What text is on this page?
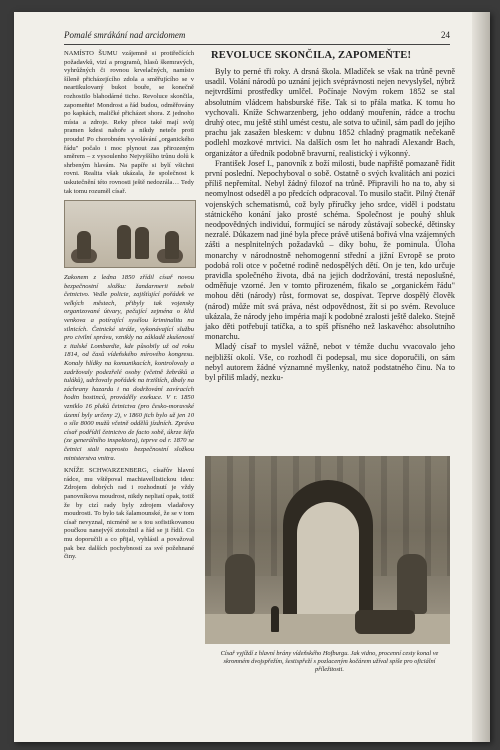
Pomalé smrákání nad arcidomem	24

NAMÍSTO ŠUMU vzájemně si protiřečících požadavků, vizí a programů, hlasů škemravých, vyhrůžných či rovnou krvelačných, namísto šíleně přicházejícího zdola a směřujícího se v neartikulovaný bukot bouře, se konečně rozhostilo blahodárné ticho. Revoluce skončila, zapomeňte! Mondrost a řád budou, odměřovány po kapkách, maličké přicházet shora. Z jednoho místa a zdroje. Reky přece také mají svůj pramen kdesi nahoře a nikdy neteče proti proudu! Po chorobném vyvolávání „organického řádu" počalo i moc plynout zas přirozeným směrem – z vysoulenho Nejvyššího trůnu dolů k shrbeným hlavám. Na papíře si bylí všichni rovni. Realita však ukázala, že společnost k uskutečnění této rovnosti ještě nedozrála… Tedy tak tomu rozuměl císař.

Zakonem z ledna 1850 zřídil císař novou bezpečnostní složku: žandarmerii neboli četnictvo. Vedle policie, zajišťující pořádek ve velkých městech, přibyly tak vojensky organizované útvary, pečující zejména o klid venkova a potírající sysélou kriminalitu na silnicích. Četnické stráže, vykonávající službu pro civilní správu, vznikly na základě zkušeností z italské Lombardie, kde působily už od roku 1814, od časů vídeňského mírového kongresu. Konaly hlídky na komunikacích, kontrolovaly a zadržovaly podezřelé osoby (včetně žebráků a tuláků), udržovaly pořádek na trzištích, dbaly na záchrany hazardu i na dodržování zavíracích hodin hostinců, prováděly exekuce. V r. 1850 vzniklo 16 pluků četnictva (pro česko-moravské území byly určeny 2), v 1860 jich bylo už jen 10 o síle 8000 mužů včetně oddělů jízdních. Zpráva císař podřídil četnictvo de facto sobě, úkrze šéfa (ze generálního inspektora), teprve od r. 1870 se četnici stali naprosto bezpečnostní složkou ministerstva vnitra.

KNÍŽE SCHWARZENBERG, císařův hlavní rádce, mu vštěpoval machiavellistickou ideu: Zdrojem dobrých rad i rozhodnutí je vždy panovníkova moudrost, nikdy nepliatí opak, totiž že by cizí rady byly zdrojem vladařovy moudrosti. To bylo tak šalamounské, že se v tom císař nevyznal, nicméně se s tou sofistikovanou poučkou nanejvýš ztotožnil a řád se ji řídil. Co mu doporučili a co přijal, vyhlásil a považoval pak bez dalších pochybností za své požehnané činy.

REVOLUCE SKONČILA, ZAPOMEŇTE!

Byly to perné tři roky. A drsná škola. Mladíček se však na trůně pevně usadil. Volání národů po uznání jejich svéprávnosti nejen nevyslyšel, nýbrž nejtvrdšími prostředky umlčel. Počínaje Novým rokem 1852 se stal absolutním vládcem habsburské říše. Tak si to přála matka. K tomu ho vychovali. Kníže Schwarzenberg, jeho oddaný mouřenín, rádce a trochu druhý otec, mu ještě stihl umést cestu, ale sotva to učinil, sám padl do jejího prachu jak zasažen bleskem: v dubnu 1852 chladný pragmatik nečekaně podlehl mozkové mrtvici. Na dalších osm let ho nahradí Alexandr Bach, organizátor a úředník podobně bravurní, realistický i výkonný.

František Josef I., panovník z boží milosti, bude napříště pomazaně řídit první poslední. Nepochyboval o sobě. Ostatně o svých kvalitách ani pozici příliš nepřemítal. Nebyl žádný filozof na trůně. Připravili ho na to, aby si neomylnost odseděl a po předcích odpracoval. To musilo stačit. Pilný čtenář vojenských schematismů, což byly příručky jeho srdce, viděl i podstatu státnického konání jako prosté schéma. Společnost je pouhý shluk neodpovědných individuí, formující se národy zůstávají sobecké, dětinsky nezralé. Důkazem nad jiné byla přece právě utišená bořivá vlna vzájemných zášti a nesplnitelných požadavků – díky bohu, že pominula. Úloha monarchy v národnostně nehomogenní střední a jižní Evropě se proto podobá roli otce v početné rodině nedospělých dětí. On je ten, kdo určuje pravidla společného života, dbá na jejich dodržování, trestá neposlušné, odměňuje vzorné. Jen v tomto přirozeném, fikalo se „organickém řádu" mohou děti (národy) růst, formovat se, dospívat. Teprve dospělý člověk (národ) může mít svá práva, nést odpovědnost, žít si po svém. Revoluce ukázala, že národy jeho impéria mají k podobné zralosti ještě daleko. Stejně jako děti potřebují tatíčka, a to spíš přísného než laskavého: absolutního monarchu.

Mladý císař to myslel vážně, nebot v témže duchu vvacovalo jeho nejbližší okolí. Vše, co rozhodl či podepsal, mu sice doporučili, on sám nebyl autorem žádné významné myšlenky, natož podstatného činu. Na to byl příliš mladý, nezku-

Císař vyjíždí z hlavní brány vídeňského Hofburgu. Jak vidno, procenní cesty konal ve skromném dvojspřežím, šestispřeží s pozlaceným kočárem užíval spíše pro oficiální příležitosti.
